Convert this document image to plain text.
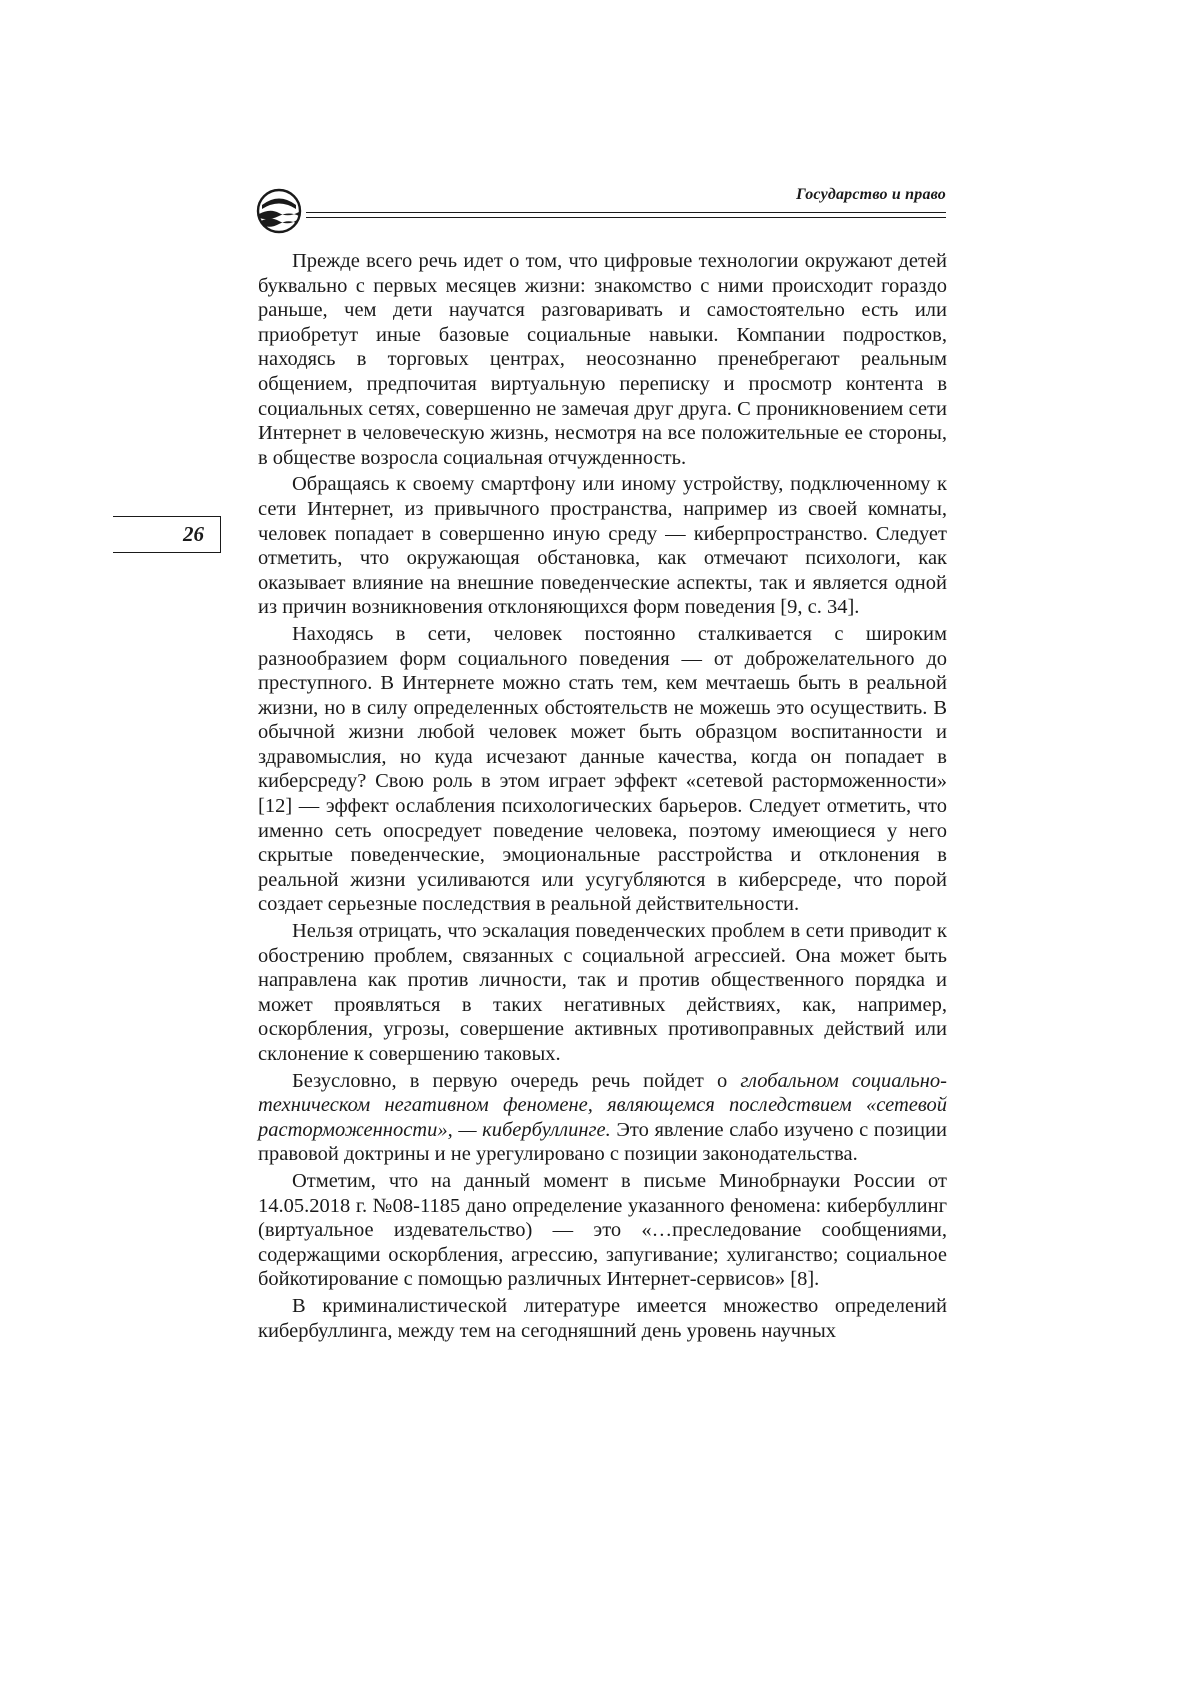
Государство и право
26

Прежде всего речь идет о том, что цифровые технологии окружают детей буквально с первых месяцев жизни: знакомство с ними происходит гораздо раньше, чем дети научатся разговаривать и самостоятельно есть или приобретут иные базовые социальные навыки. Компании подростков, находясь в торговых центрах, неосознанно пренебрегают реальным общением, предпочитая виртуальную переписку и просмотр контента в социальных сетях, совершенно не замечая друг друга. С проникновением сети Интернет в человеческую жизнь, несмотря на все положительные ее стороны, в обществе возросла социальная отчужденность.

Обращаясь к своему смартфону или иному устройству, подключенному к сети Интернет, из привычного пространства, например из своей комнаты, человек попадает в совершенно иную среду — киберпространство. Следует отметить, что окружающая обстановка, как отмечают психологи, как оказывает влияние на внешние поведенческие аспекты, так и является одной из причин возникновения отклоняющихся форм поведения [9, с. 34].

Находясь в сети, человек постоянно сталкивается с широким разнообразием форм социального поведения — от доброжелательного до преступного. В Интернете можно стать тем, кем мечтаешь быть в реальной жизни, но в силу определенных обстоятельств не можешь это осуществить. В обычной жизни любой человек может быть образцом воспитанности и здравомыслия, но куда исчезают данные качества, когда он попадает в киберсреду? Свою роль в этом играет эффект «сетевой расторможенности» [12] — эффект ослабления психологических барьеров. Следует отметить, что именно сеть опосредует поведение человека, поэтому имеющиеся у него скрытые поведенческие, эмоциональные расстройства и отклонения в реальной жизни усиливаются или усугубляются в киберсреде, что порой создает серьезные последствия в реальной действительности.

Нельзя отрицать, что эскалация поведенческих проблем в сети приводит к обострению проблем, связанных с социальной агрессией. Она может быть направлена как против личности, так и против общественного порядка и может проявляться в таких негативных действиях, как, например, оскорбления, угрозы, совершение активных противоправных действий или склонение к совершению таковых.

Безусловно, в первую очередь речь пойдет о глобальном социально-техническом негативном феномене, являющемся последствием «сетевой расторможенности», — кибербуллинге. Это явление слабо изучено с позиции правовой доктрины и не урегулировано с позиции законодательства.

Отметим, что на данный момент в письме Минобрнауки России от 14.05.2018 г. №08-1185 дано определение указанного феномена: кибербуллинг (виртуальное издевательство) — это «…преследование сообщениями, содержащими оскорбления, агрессию, запугивание; хулиганство; социальное бойкотирование с помощью различных Интернет-сервисов» [8].

В криминалистической литературе имеется множество определений кибербуллинга, между тем на сегодняшний день уровень научных
